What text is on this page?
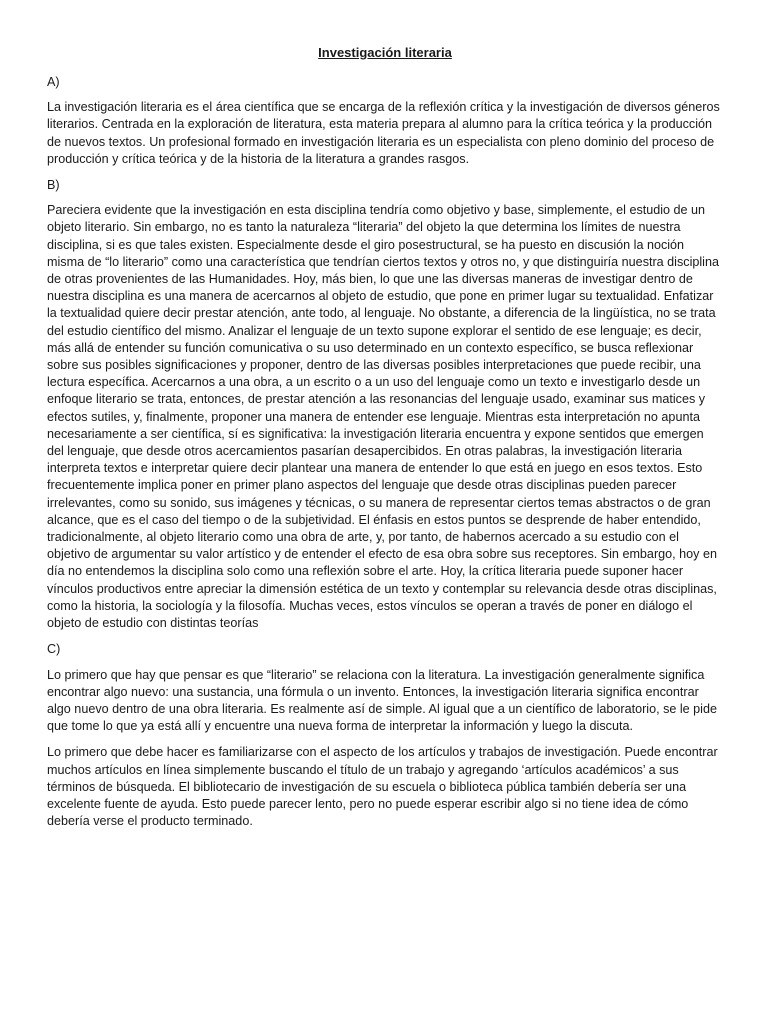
Investigación literaria
A)

La investigación literaria es el área científica que se encarga de la reflexión crítica y la investigación de diversos géneros literarios. Centrada en la exploración de literatura, esta materia prepara al alumno para la crítica teórica y la producción de nuevos textos. Un profesional formado en investigación literaria es un especialista con pleno dominio del proceso de producción y crítica teórica y de la historia de la literatura a grandes rasgos.

B)

Pareciera evidente que la investigación en esta disciplina tendría como objetivo y base, simplemente, el estudio de un objeto literario. Sin embargo, no es tanto la naturaleza “literaria” del objeto la que determina los límites de nuestra disciplina, si es que tales existen. Especialmente desde el giro posestructural, se ha puesto en discusión la noción misma de “lo literario” como una característica que tendrían ciertos textos y otros no, y que distinguiría nuestra disciplina de otras provenientes de las Humanidades. Hoy, más bien, lo que une las diversas maneras de investigar dentro de nuestra disciplina es una manera de acercarnos al objeto de estudio, que pone en primer lugar su textualidad. Enfatizar la textualidad quiere decir prestar atención, ante todo, al lenguaje. No obstante, a diferencia de la lingüística, no se trata del estudio científico del mismo. Analizar el lenguaje de un texto supone explorar el sentido de ese lenguaje; es decir, más allá de entender su función comunicativa o su uso determinado en un contexto específico, se busca reflexionar sobre sus posibles significaciones y proponer, dentro de las diversas posibles interpretaciones que puede recibir, una lectura específica. Acercarnos a una obra, a un escrito o a un uso del lenguaje como un texto e investigarlo desde un enfoque literario se trata, entonces, de prestar atención a las resonancias del lenguaje usado, examinar sus matices y efectos sutiles, y, finalmente, proponer una manera de entender ese lenguaje. Mientras esta interpretación no apunta necesariamente a ser científica, sí es significativa: la investigación literaria encuentra y expone sentidos que emergen del lenguaje, que desde otros acercamientos pasarían desapercibidos. En otras palabras, la investigación literaria interpreta textos e interpretar quiere decir plantear una manera de entender lo que está en juego en esos textos. Esto frecuentemente implica poner en primer plano aspectos del lenguaje que desde otras disciplinas pueden parecer irrelevantes, como su sonido, sus imágenes y técnicas, o su manera de representar ciertos temas abstractos o de gran alcance, que es el caso del tiempo o de la subjetividad. El énfasis en estos puntos se desprende de haber entendido, tradicionalmente, al objeto literario como una obra de arte, y, por tanto, de habernos acercado a su estudio con el objetivo de argumentar su valor artístico y de entender el efecto de esa obra sobre sus receptores. Sin embargo, hoy en día no entendemos la disciplina solo como una reflexión sobre el arte. Hoy, la crítica literaria puede suponer hacer vínculos productivos entre apreciar la dimensión estética de un texto y contemplar su relevancia desde otras disciplinas, como la historia, la sociología y la filosofía. Muchas veces, estos vínculos se operan a través de poner en diálogo el objeto de estudio con distintas teorías

C)

Lo primero que hay que pensar es que “literario” se relaciona con la literatura. La investigación generalmente significa encontrar algo nuevo: una sustancia, una fórmula o un invento. Entonces, la investigación literaria significa encontrar algo nuevo dentro de una obra literaria. Es realmente así de simple. Al igual que a un científico de laboratorio, se le pide que tome lo que ya está allí y encuentre una nueva forma de interpretar la información y luego la discuta.

Lo primero que debe hacer es familiarizarse con el aspecto de los artículos y trabajos de investigación. Puede encontrar muchos artículos en línea simplemente buscando el título de un trabajo y agregando ‘artículos académicos’ a sus términos de búsqueda. El bibliotecario de investigación de su escuela o biblioteca pública también debería ser una excelente fuente de ayuda. Esto puede parecer lento, pero no puede esperar escribir algo si no tiene idea de cómo debería verse el producto terminado.
